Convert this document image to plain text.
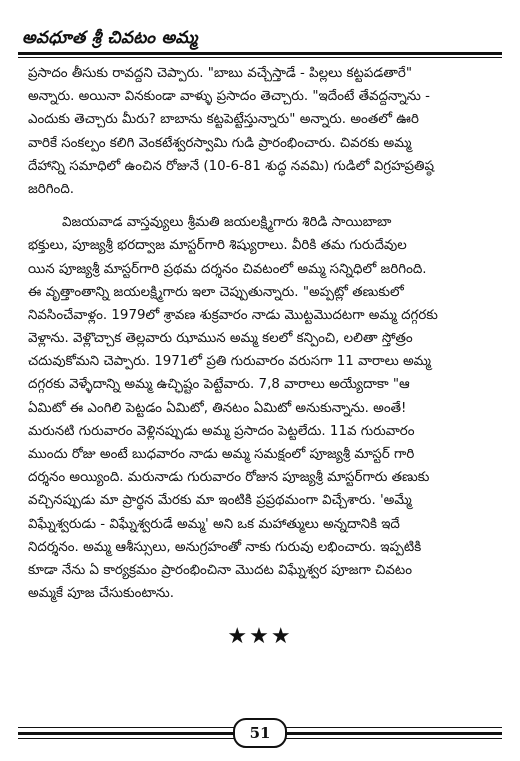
అవధూత శ్రీ చివటం అమ్మ
ప్రసాదం తీసుకు రావద్దని చెప్పారు. "బాబు వచ్చేస్తాడే - పిల్లలు కట్టపడతారే"
అన్నారు. అయినా వినకుండా వాళ్ళు ప్రసాదం తెచ్చారు. "ఇదేంటే తేవద్దన్నాను -
ఎందుకు తెచ్చారు మీరు? బాబాను కట్టపెట్టేస్తున్నారు" అన్నారు. అంతలో ఊరి
వారికే సంకల్పం కలిగి వెంకటేశ్వరస్వామి గుడి ప్రారంభించారు. చివరకు అమ్మ
దేహాన్ని సమాధిలో ఉంచిన రోజునే (10-6-81 శుద్ధ నవమి) గుడిలో విగ్రహప్రతిష్ఠ
జరిగింది.
విజయవాడ వాస్తవ్యులు శ్రీమతి జయలక్ష్మిగారు శిరిడి సాయిబాబా
భక్తులు, పూజ్యశ్రీ భరద్వాజ మాస్టర్‌గారి శిష్యురాలు. వీరికి తమ గురుదేవుల
యిన పూజ్యశ్రీ మాస్టర్‌గారి ప్రథమ దర్శనం చివటంలో అమ్మ సన్నిధిలో జరిగింది.
ఈ వృత్తాంతాన్ని జయలక్ష్మిగారు ఇలా చెప్పుతున్నారు. "అప్పట్లో తణుకులో
నివసించేవాళ్లం. 1979లో శ్రావణ శుక్రవారం నాడు మొట్టమొదటగా అమ్మ దగ్గరకు
వెళ్లాను. వెళ్లొచ్చాక తెల్లవారు ఝామున అమ్మ కలలో కన్పించి, లలితా స్తోత్రం
చదువుకోమని చెప్పారు. 1971లో ప్రతి గురువారం వరుసగా 11 వారాలు అమ్మ
దగ్గరకు వెళ్ళేదాన్ని అమ్మ ఉచ్ఛిష్టం పెట్టేవారు. 7,8 వారాలు అయ్యేదాకా "ఆ
ఏమిటో ఈ ఎంగిలి పెట్టడం ఏమిటో, తినటం ఏమిటో అనుకున్నాను. అంతే!
మరునటి గురువారం వెళ్లినప్పుడు అమ్మ ప్రసాదం పెట్టలేదు. 11వ గురువారం
ముందు రోజు అంటే బుధవారం నాడు అమ్మ సమక్షంలో పూజ్యశ్రీ మాస్టర్ గారి
దర్శనం అయ్యింది. మరునాడు గురువారం రోజున పూజ్యశ్రీ మాస్టర్‌గారు తణుకు
వచ్చినప్పుడు మా ప్రార్థన మేరకు మా ఇంటికి ప్రప్రథమంగా విచ్చేశారు. 'అమ్మే
విఘ్నేశ్వరుడు - విఘ్నేశ్వరుడే అమ్మ' అని ఒక మహాత్ములు అన్నదానికి ఇదే
నిదర్శనం. అమ్మ ఆశీస్సులు, అనుగ్రహంతో నాకు గురువు లభించారు. ఇప్పటికి
కూడా నేను ఏ కార్యక్రమం ప్రారంభించినా మొదట విఘ్నేశ్వర పూజగా చివటం
అమ్మకే పూజ చేసుకుంటాను.
★★★
51
